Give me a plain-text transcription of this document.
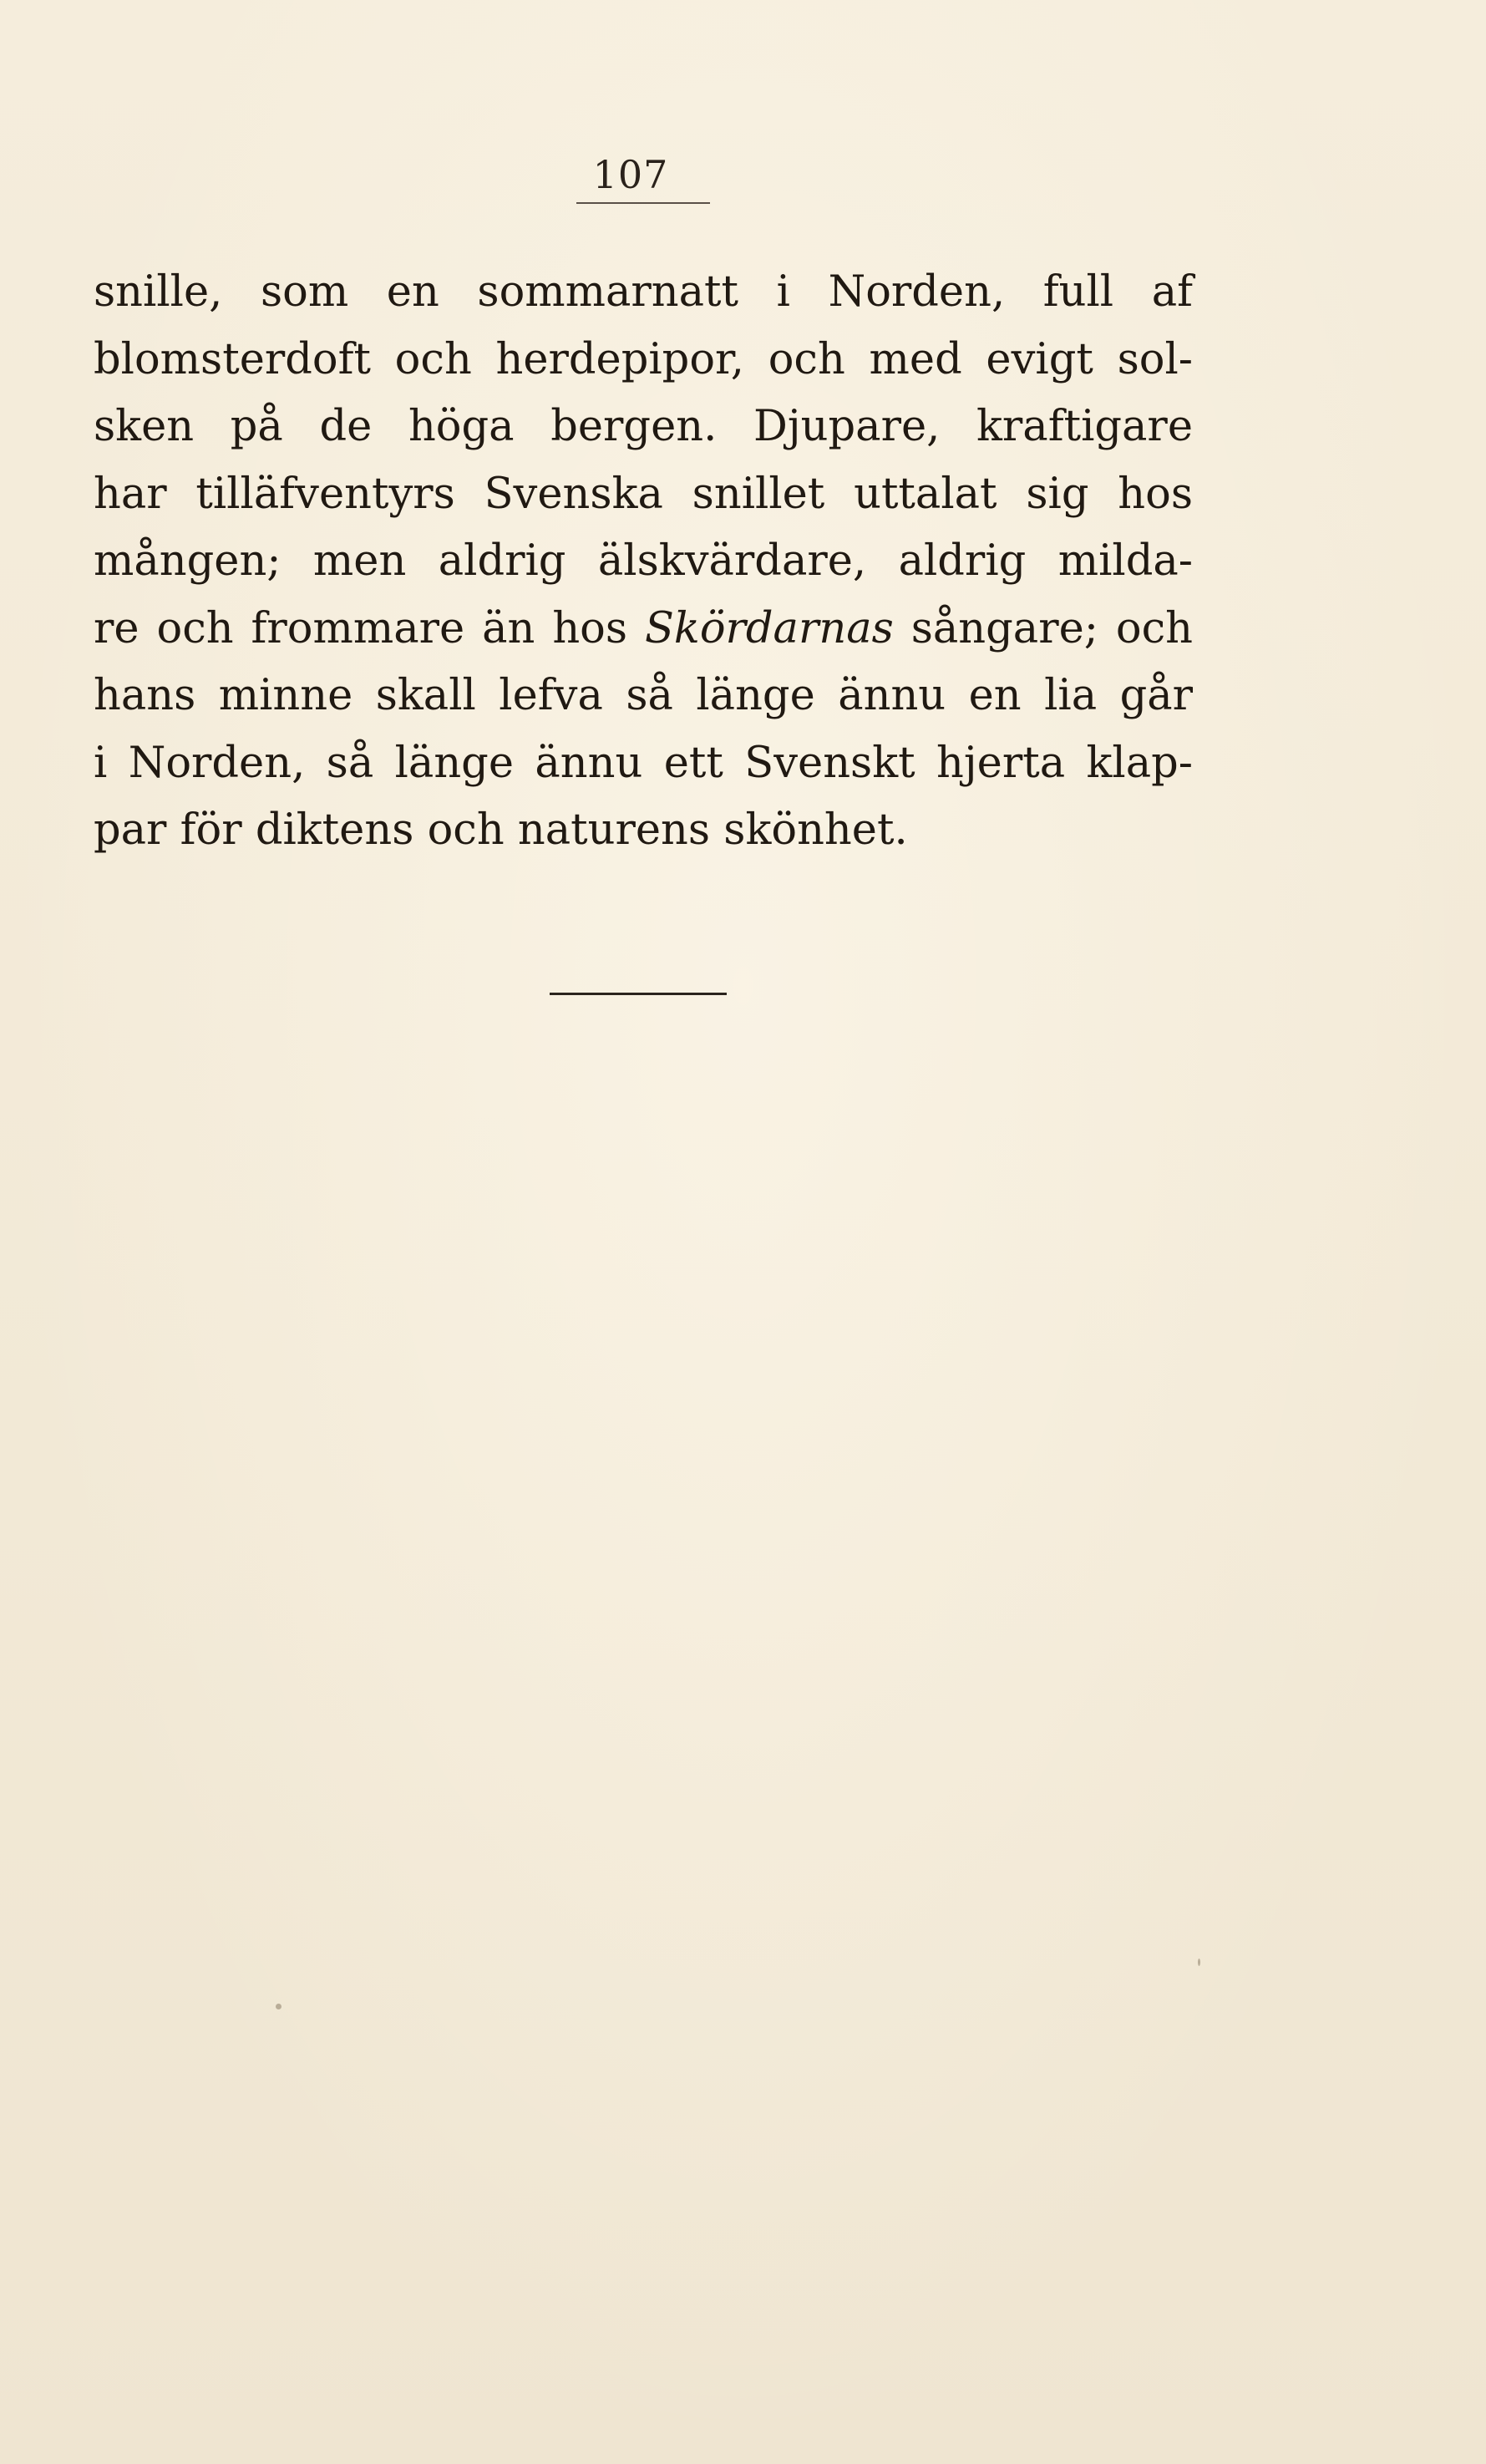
107

snille, som en sommarnatt i Norden, full af
blomsterdoft och herdepipor, och med evigt sol-
sken på de höga bergen. Djupare, kraftigare
har tilläfventyrs Svenska snillet uttalat sig hos
mången; men aldrig älskvärdare, aldrig milda-
re och frommare än hos Skördarnas sångare; och
hans minne skall lefva så länge ännu en lia går
i Norden, så länge ännu ett Svenskt hjerta klap-
par för diktens och naturens skönhet.
